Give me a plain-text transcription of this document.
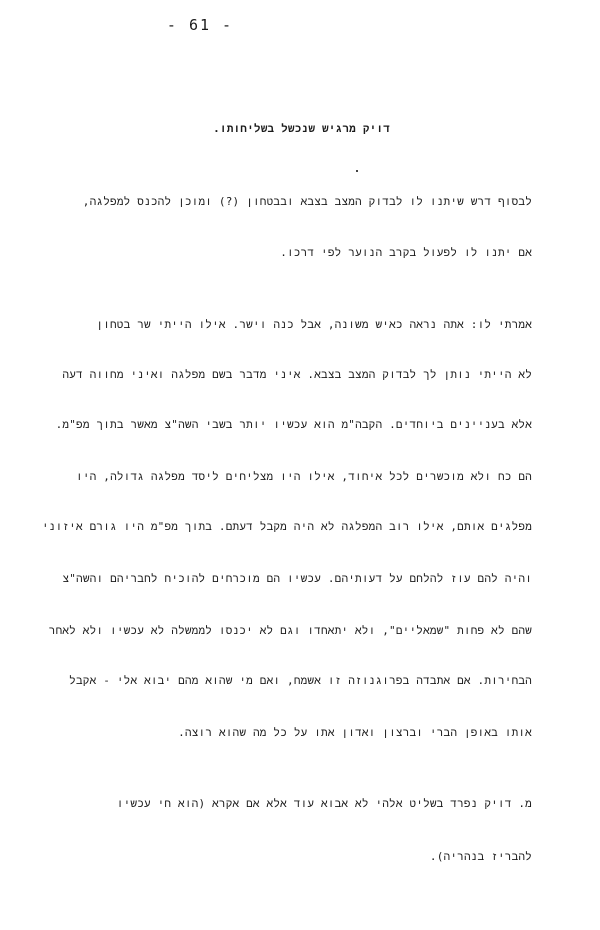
- 61 -
דויק מרגיש שנכשל בשליחותו.
לבסוף דרש שיתנו לו לבדוק המצב בצבא ובבטחון (?) ומוכן להכנס למפלגה,
אם יתנו לו לפעול בקרב הנוער לפי דרכו.
אמרתי לו: אתה נראה כאיש משונה, אבל כנה וישר. אילו הייתי שר בטחון
לא הייתי נותן לך לבדוק המצב בצבא. איני מדבר בשם מפלגה ואיני מחווה דעה
אלא בעניינים ביוחדים. הקבה"מ הוא עכשיו יותר בשבי השה"צ מאשר בתוך מפ"מ.
הם כח ולא מוכשרים לכל איחוד, אילו היו מצליחים ליסד מפלגה גדולה, היו
מפלגים אותם, אילו רוב המפלגה לא היה מקבל דעתם. בתוך מפ"מ היו גורם איזוני
והיה להם עוז להלחם על דעותיהם. עכשיו הם מוכרחים להוכיח לחבריהם והשה"צ
שהם לא פחות "שמאליים", ולא יתאחדו וגם לא יכנסו לממשלה לא עכשיו ולא לאחר
הבחירות. אם אתבדה בפרוגנוזה זו אשמח, ואם מי שהוא מהם יבוא אלי - אקבל
אותו באופן הברי וברצון ואדון אתו על כל מה שהוא רוצה.
מ. דויק נפרד בשליט אלהי לא אבוא עוד אלא אם אקרא (הוא חי עכשיו
להבריז בנהריה).
